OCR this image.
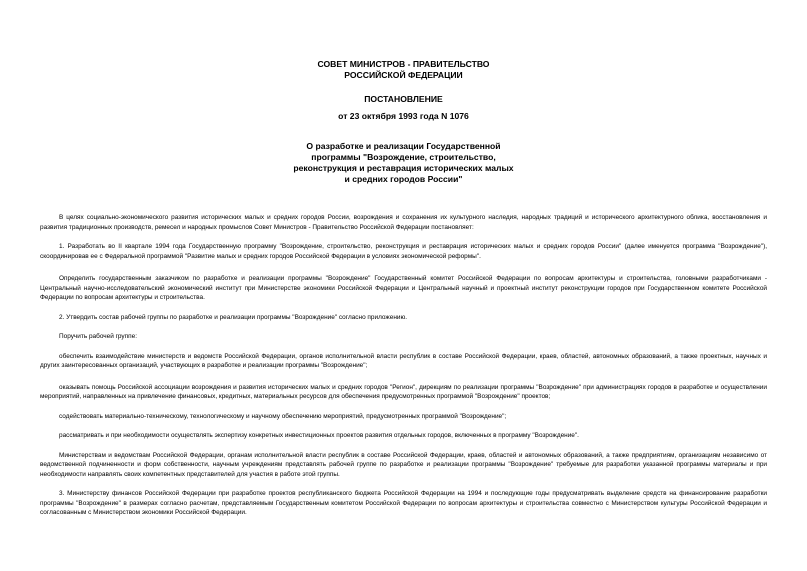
СОВЕТ МИНИСТРОВ - ПРАВИТЕЛЬСТВО
РОССИЙСКОЙ ФЕДЕРАЦИИ
ПОСТАНОВЛЕНИЕ
от 23 октября 1993 года N 1076
О разработке и реализации Государственной
программы "Возрождение, строительство,
реконструкция и реставрация исторических малых
и средних городов России"

В целях социально-экономического развития исторических малых и средних городов России, возрождения и сохранения их культурного наследия, народных традиций и исторического архитектурного облика, восстановления и развития традиционных производств, ремесел и народных промыслов Совет Министров - Правительство Российской Федерации постановляет:

1. Разработать во II квартале 1994 года Государственную программу "Возрождение, строительство, реконструкция и реставрация исторических малых и средних городов России" (далее именуется программа "Возрождение"), скоординировав ее с Федеральной программой "Развитие малых и средних городов Российской Федерации в условиях экономической реформы".

Определить государственным заказчиком по разработке и реализации программы "Возрождение" Государственный комитет Российской Федерации по вопросам архитектуры и строительства, головными разработчиками - Центральный научно-исследовательский экономический институт при Министерстве экономики Российской Федерации и Центральный научный и проектный институт реконструкции городов при Государственном комитете Российской Федерации по вопросам архитектуры и строительства.

2. Утвердить состав рабочей группы по разработке и реализации программы "Возрождение" согласно приложению.

Поручить рабочей группе:

обеспечить взаимодействие министерств и ведомств Российской Федерации, органов исполнительной власти республик в составе Российской Федерации, краев, областей, автономных образований, а также проектных, научных и других заинтересованных организаций, участвующих в разработке и реализации программы "Возрождение";

оказывать помощь Российской ассоциации возрождения и развития исторических малых и средних городов "Регион", дирекциям по реализации программы "Возрождение" при администрациях городов в разработке и осуществлении мероприятий, направленных на привлечение финансовых, кредитных, материальных ресурсов для обеспечения предусмотренных программой "Возрождение" проектов;

содействовать материально-техническому, технологическому и научному обеспечению мероприятий, предусмотренных программой "Возрождение";

рассматривать и при необходимости осуществлять экспертизу конкретных инвестиционных проектов развития отдельных городов, включенных в программу "Возрождение".

Министерствам и ведомствам Российской Федерации, органам исполнительной власти республик в составе Российской Федерации, краев, областей и автономных образований, а также предприятиям, организациям независимо от ведомственной подчиненности и форм собственности, научным учреждениям представлять рабочей группе по разработке и реализации программы "Возрождение" требуемые для разработки указанной программы материалы и при необходимости направлять своих компетентных представителей для участия в работе этой группы.

3. Министерству финансов Российской Федерации при разработке проектов республиканского бюджета Российской Федерации на 1994 и последующие годы предусматривать выделение средств на финансирование разработки программы "Возрождение" в размерах согласно расчетам, представляемым Государственным комитетом Российской Федерации по вопросам архитектуры и строительства совместно с Министерством культуры Российской Федерации и согласованным с Министерством экономики Российской Федерации.
